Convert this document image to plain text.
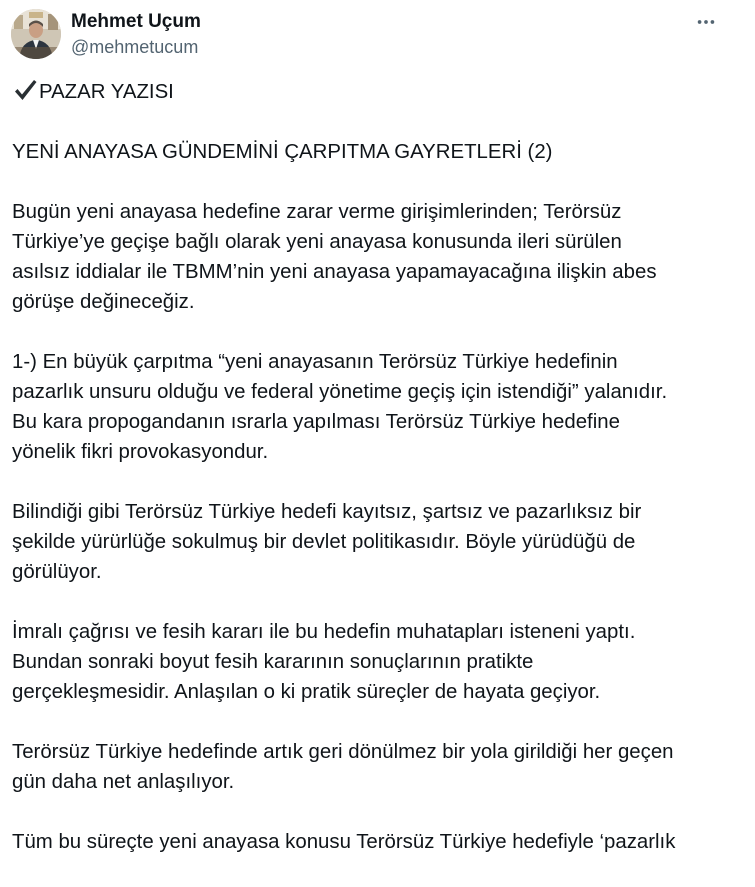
Mehmet Uçum
@mehmetucum
PAZAR YAZISI
YENİ ANAYASA GÜNDEMİNİ ÇARPITMA GAYRETLERİ (2)
Bugün yeni anayasa hedefine zarar verme girişimlerinden; Terörsüz
Türkiye’ye geçişe bağlı olarak yeni anayasa konusunda ileri sürülen
asılsız iddialar ile TBMM’nin yeni anayasa yapamayacağına ilişkin abes
görüşe değineceğiz.
1-) En büyük çarpıtma “yeni anayasanın Terörsüz Türkiye hedefinin
pazarlık unsuru olduğu ve federal yönetime geçiş için istendiği” yalanıdır.
Bu kara propogandanın ısrarla yapılması Terörsüz Türkiye hedefine
yönelik fikri provokasyondur.
Bilindiği gibi Terörsüz Türkiye hedefi kayıtsız, şartsız ve pazarlıksız bir
şekilde yürürlüğe sokulmuş bir devlet politikasıdır. Böyle yürüdüğü de
görülüyor.
İmralı çağrısı ve fesih kararı ile bu hedefin muhatapları isteneni yaptı.
Bundan sonraki boyut fesih kararının sonuçlarının pratikte
gerçekleşmesidir. Anlaşılan o ki pratik süreçler de hayata geçiyor.
Terörsüz Türkiye hedefinde artık geri dönülmez bir yola girildiği her geçen
gün daha net anlaşılıyor.
Tüm bu süreçte yeni anayasa konusu Terörsüz Türkiye hedefiyle ‘pazarlık
